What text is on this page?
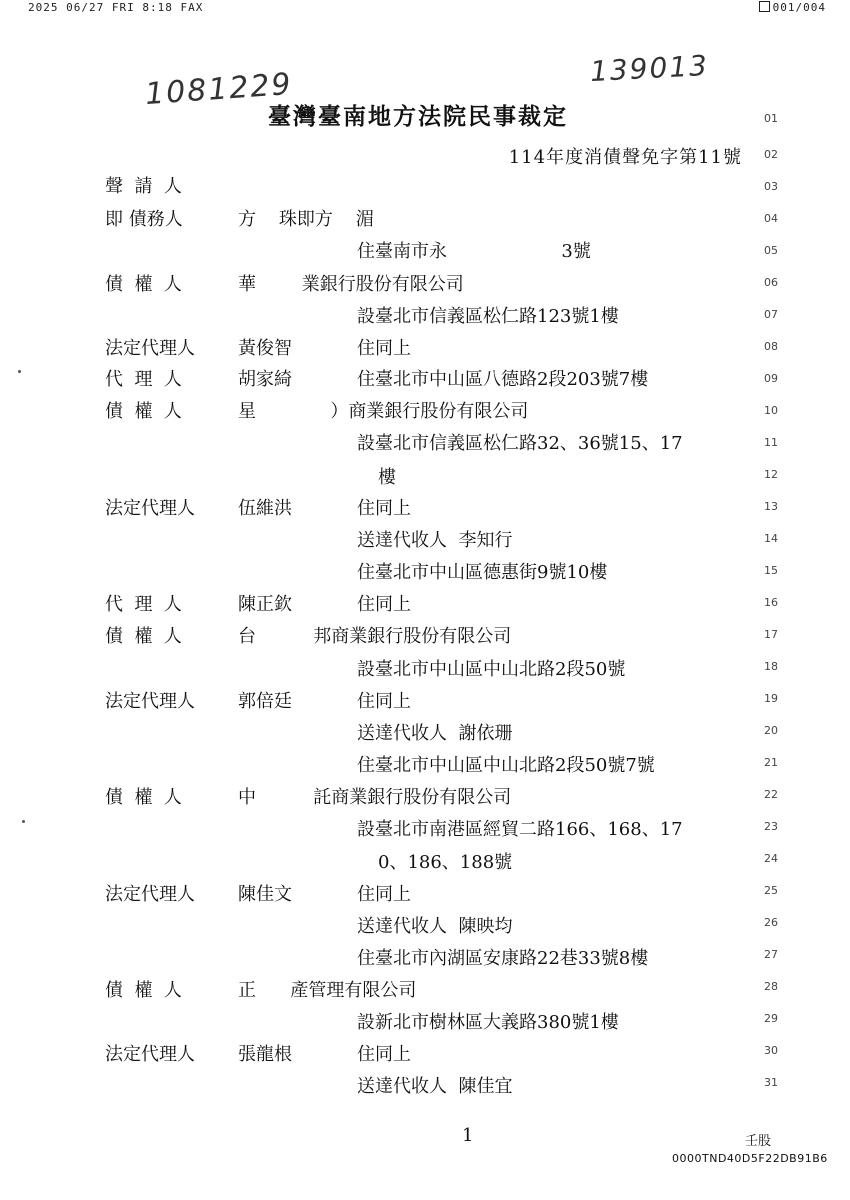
2025 06/27 FRI 8:18 FAX	001/004
1081229	139013
臺灣臺南地方法院民事裁定
114年度消債聲免字第11號
01
02
03
04
05
06
07
08
09
10
11
12
13
14
15
16
17
18
19
20
21
22
23
24
25
26
27
28
29
30
31
聲  請  人
即 債務人	方    珠即方    湄
住臺南市永                    3號
債  權  人	華        業銀行股份有限公司
設臺北市信義區松仁路123號1樓
法定代理人	黃俊智	住同上
代  理  人	胡家綺	住臺北市中山區八德路2段203號7樓
債  權  人	星             ）商業銀行股份有限公司
設臺北市信義區松仁路32、36號15、17
樓
法定代理人	伍維洪	住同上
送達代收人  李知行
住臺北市中山區德惠街9號10樓
代  理  人	陳正欽	住同上
債  權  人	台          邦商業銀行股份有限公司
設臺北市中山區中山北路2段50號
法定代理人	郭倍廷	住同上
送達代收人  謝依珊
住臺北市中山區中山北路2段50號7號
債  權  人	中          託商業銀行股份有限公司
設臺北市南港區經貿二路166、168、17
0、186、188號
法定代理人	陳佳文	住同上
送達代收人  陳映均
住臺北市內湖區安康路22巷33號8樓
債  權  人	正      產管理有限公司
設新北市樹林區大義路380號1樓
法定代理人	張龍根	住同上
送達代收人  陳佳宜
1	壬股
0000TND40D5F22DB91B6
